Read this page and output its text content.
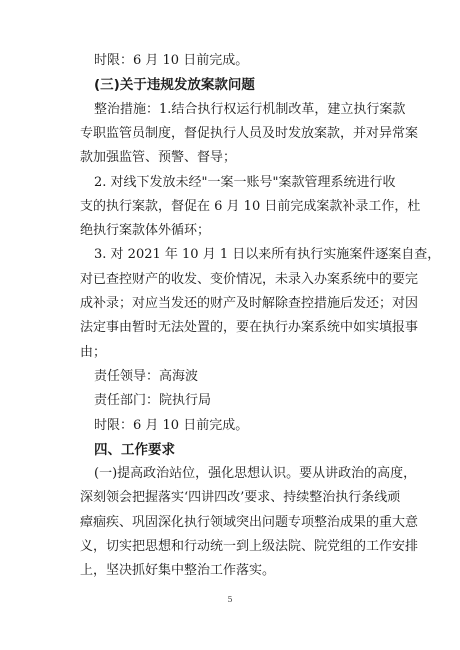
时限：6 月 10 日前完成。
(三)关于违规发放案款问题
整治措施：1.结合执行权运行机制改革，建立执行案款
专职监管员制度，督促执行人员及时发放案款，并对异常案
款加强监管、预警、督导；
2. 对线下发放未经"一案一账号"案款管理系统进行收
支的执行案款，督促在 6 月 10 日前完成案款补录工作，杜
绝执行案款体外循环；
3. 对 2021 年 10 月 1 日以来所有执行实施案件逐案自查，
对已查控财产的收发、变价情况，未录入办案系统中的要完
成补录；对应当发还的财产及时解除查控措施后发还；对因
法定事由暂时无法处置的，要在执行办案系统中如实填报事
由；
责任领导：高海波
责任部门：院执行局
时限：6 月 10 日前完成。
四、工作要求
(一)提高政治站位，强化思想认识。要从讲政治的高度，
深刻领会把握落实‘四讲四改’要求、持续整治执行条线顽
瘴痼疾、巩固深化执行领域突出问题专项整治成果的重大意
义，切实把思想和行动统一到上级法院、院党组的工作安排
上，坚决抓好集中整治工作落实。
5
